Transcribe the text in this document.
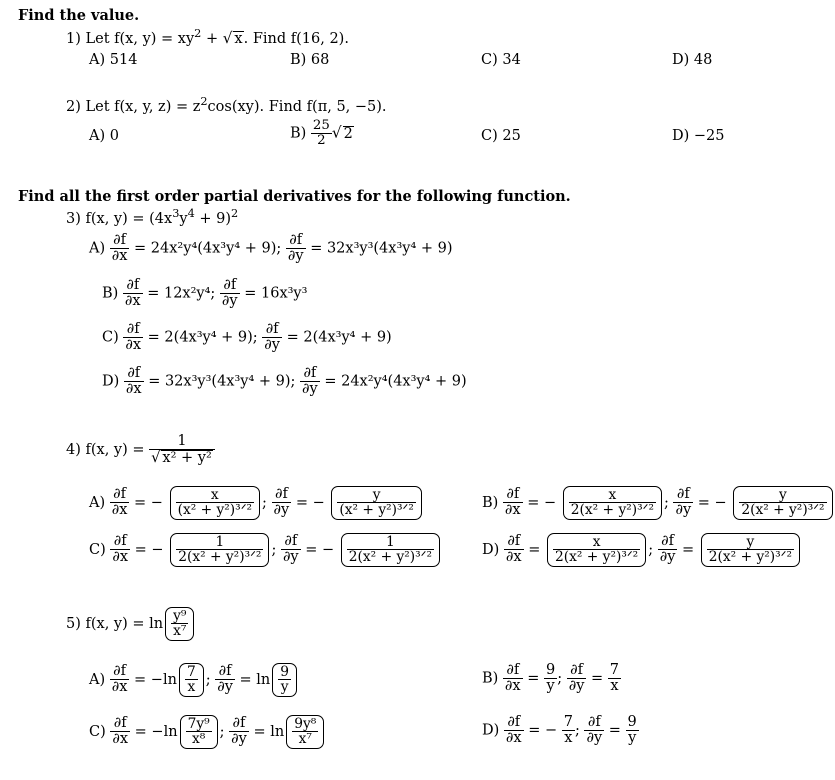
Find the value.
1) Let f(x, $y) = xy^2$ + √ x. Find f(16, 2).
A) 514	B) 68	C) 34	D) 48
2) Let f(x, y, $z) = z^2\cos(xy)$. Find f(π, 5, −5).
A) 0	$B) \frac{25}{2}$ √ 2	C) 25	D) −25
Find all the first order partial derivatives for the following function.
3) f(x, $y) = (4x^3y^4 + 9)^2$
$A) \frac{\partial f}{\partial x} = 24x^2y^4(4x^3y^4 + 9)$; $\frac{\partial f}{\partial y} = 32x^3y^3(4x^3y^4 + 9)$
$B) \frac{\partial f}{\partial x} = 12x^2y^4$; $\frac{\partial f}{\partial y} = 16x^3y^3$
$C) \frac{\partial f}{\partial x} = 2(4x^3y^4 + 9)$; $\frac{\partial f}{\partial y} = 2(4x^3y^4 + 9)$
$D) \frac{\partial f}{\partial x} = 32x^3y^3(4x^3y^4 + 9)$; $\frac{\partial f}{\partial y} = 24x^2y^4(4x^3y^4 + 9)$
4) f(x, $y) = \frac{1}{\text{√ x² + y²}}$
$A) \frac{\partial f}{\partial x}$ = −	x
(x² + y²)³ᐟ² ; $\frac{\partial f}{\partial y}$ = −	y
(x² + y²)³ᐟ²	$B) \frac{\partial f}{\partial x}$ = −	x
2(x² + y²)³ᐟ² ; $\frac{\partial f}{\partial y}$ = −	y
2(x² + y²)³ᐟ²
$C) \frac{\partial f}{\partial x}$ = −	1
2(x² + y²)³ᐟ² ; $\frac{\partial f}{\partial y}$ = −	1
2(x² + y²)³ᐟ²	$D) \frac{\partial f}{\partial x}$ =	x
2(x² + y²)³ᐟ² ; $\frac{\partial f}{\partial y}$ =	y
2(x² + y²)³ᐟ²
5) f(x, $y) = \ln \frac{\text{y⁹}}{\text{x⁷}}$
$A) \frac{\partial f}{\partial x} = -\ln \frac{7}{x}$ ; $\frac{\partial f}{\partial y} = \ln \frac{9}{y}$	$B) \frac{\partial f}{\partial x} = \frac{9}{y}$ ; $\frac{\partial f}{\partial y} = \frac{7}{x}$
$C) \frac{\partial f}{\partial x} = -\ln \frac{\text{7y⁹}}{\text{x⁸}}$ ; $\frac{\partial f}{\partial y} = \ln \frac{\text{9y⁸}}{\text{x⁷}}$	$D) \frac{\partial f}{\partial x}$ = − $\frac{7}{x}$ ; $\frac{\partial f}{\partial y} = \frac{9}{y}$
